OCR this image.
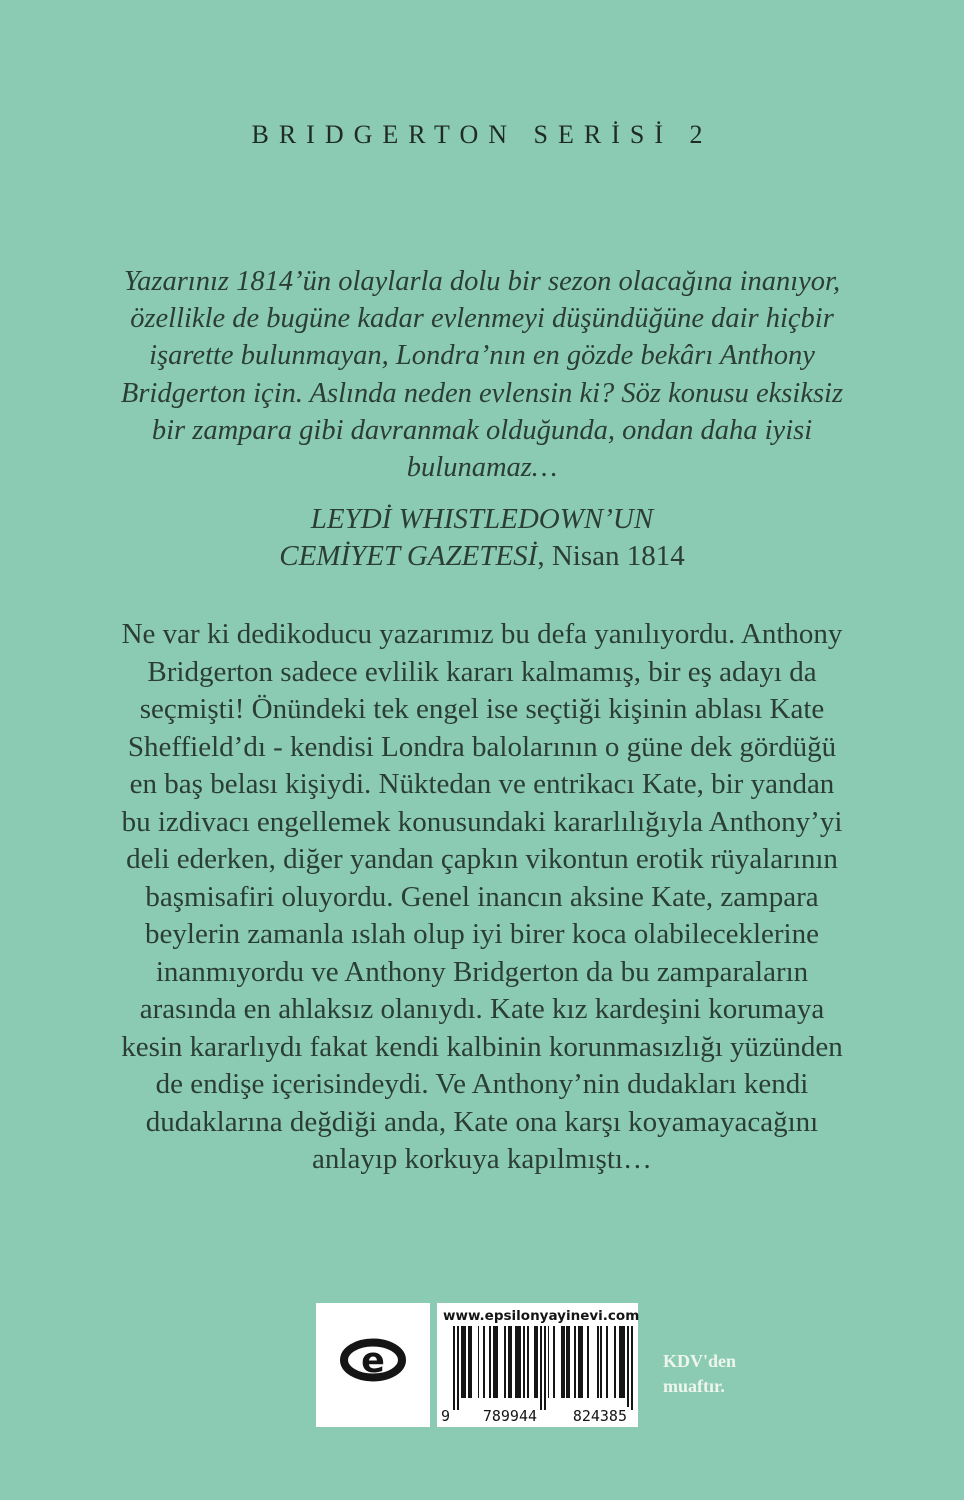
BRIDGERTON SERİSİ 2
Yazarınız 1814’ün olaylarla dolu bir sezon olacağına inanıyor,
özellikle de bugüne kadar evlenmeyi düşündüğüne dair hiçbir
işarette bulunmayan, Londra’nın en gözde bekârı Anthony
Bridgerton için. Aslında neden evlensin ki? Söz konusu eksiksiz
bir zampara gibi davranmak olduğunda, ondan daha iyisi
bulunamaz…
LEYDİ WHISTLEDOWN’UN
CEMİYET GAZETESİ, Nisan 1814
Ne var ki dedikoducu yazarımız bu defa yanılıyordu. Anthony
Bridgerton sadece evlilik kararı kalmamış, bir eş adayı da
seçmişti! Önündeki tek engel ise seçtiği kişinin ablası Kate
Sheffield’dı - kendisi Londra balolarının o güne dek gördüğü
en baş belası kişiydi. Nüktedan ve entrikacı Kate, bir yandan
bu izdivacı engellemek konusundaki kararlılığıyla Anthony’yi
deli ederken, diğer yandan çapkın vikontun erotik rüyalarının
başmisafiri oluyordu. Genel inancın aksine Kate, zampara
beylerin zamanla ıslah olup iyi birer koca olabileceklerine
inanmıyordu ve Anthony Bridgerton da bu zamparaların
arasında en ahlaksız olanıydı. Kate kız kardeşini korumaya
kesin kararlıydı fakat kendi kalbinin korunmasızlığı yüzünden
de endişe içerisindeydi. Ve Anthony’nin dudakları kendi
dudaklarına değdiği anda, Kate ona karşı koyamayacağını
anlayıp korkuya kapılmıştı…
e
www.epsilonyayinevi.com
9 789944 824385
KDV'den
muaftır.
